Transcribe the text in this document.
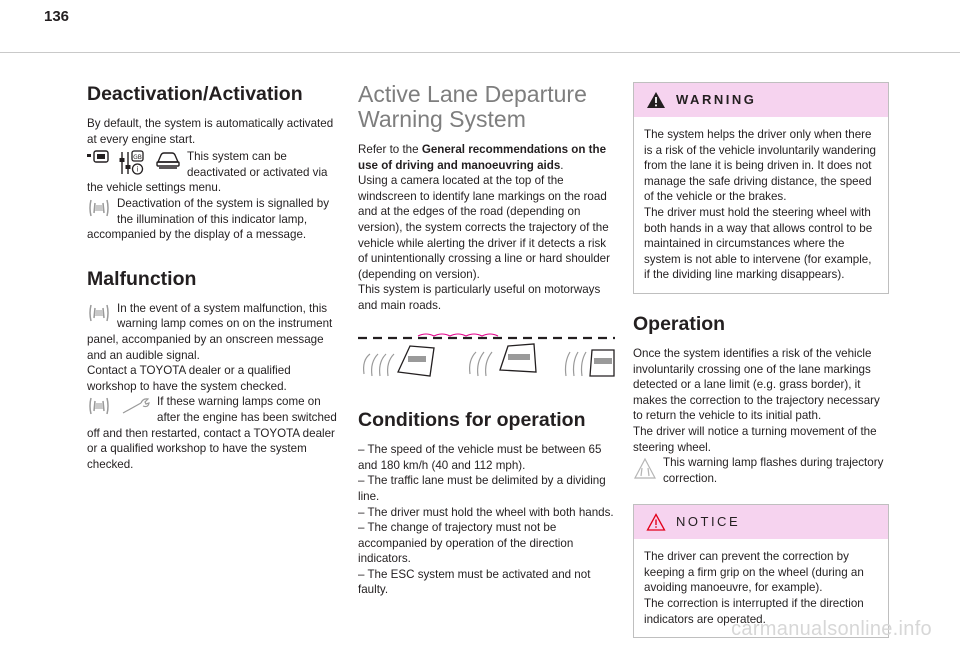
136
Deactivation/Activation

By default, the system is automatically activated at every engine start.

GB
i
This system can be deactivated or activated via the vehicle settings menu.
Deactivation of the system is signalled by the illumination of this indicator lamp, accompanied by the display of a message.
Malfunction
In the event of a system malfunction, this warning lamp comes on on the instrument panel, accompanied by an onscreen message and an audible signal.

Contact a TOYOTA dealer or a qualified workshop to have the system checked.

If these warning lamps come on after the engine has been switched off and then restarted, contact a TOYOTA dealer or a qualified workshop to have the system checked.
Active Lane Departure
Warning System

Refer to the General recommendations on the use of driving and manoeuvring aids.

Using a camera located at the top of the windscreen to identify lane markings on the road and at the edges of the road (depending on version), the system corrects the trajectory of the vehicle while alerting the driver if it detects a risk of unintentionally crossing a line or hard shoulder (depending on version).

This system is particularly useful on motorways and main roads.

Conditions for operation

– The speed of the vehicle must be between 65 and 180 km/h (40 and 112 mph).

– The traffic lane must be delimited by a dividing line.

– The driver must hold the wheel with both hands.

– The change of trajectory must not be accompanied by operation of the direction indicators.

– The ESC system must be activated and not faulty.

WARNING

The system helps the driver only when there is a risk of the vehicle involuntarily wandering from the lane it is being driven in. It does not manage the safe driving distance, the speed of the vehicle or the brakes.

The driver must hold the steering wheel with both hands in a way that allows control to be maintained in circumstances where the system is not able to intervene (for example, if the dividing line marking disappears).

Operation

Once the system identifies a risk of the vehicle involuntarily crossing one of the lane markings detected or a lane limit (e.g. grass border), it makes the correction to the trajectory necessary to return the vehicle to its initial path.

The driver will notice a turning movement of the steering wheel.

This warning lamp flashes during trajectory correction.
NOTICE

The driver can prevent the correction by keeping a firm grip on the wheel (during an avoiding manoeuvre, for example).

The correction is interrupted if the direction indicators are operated.

carmanualsonline.info
